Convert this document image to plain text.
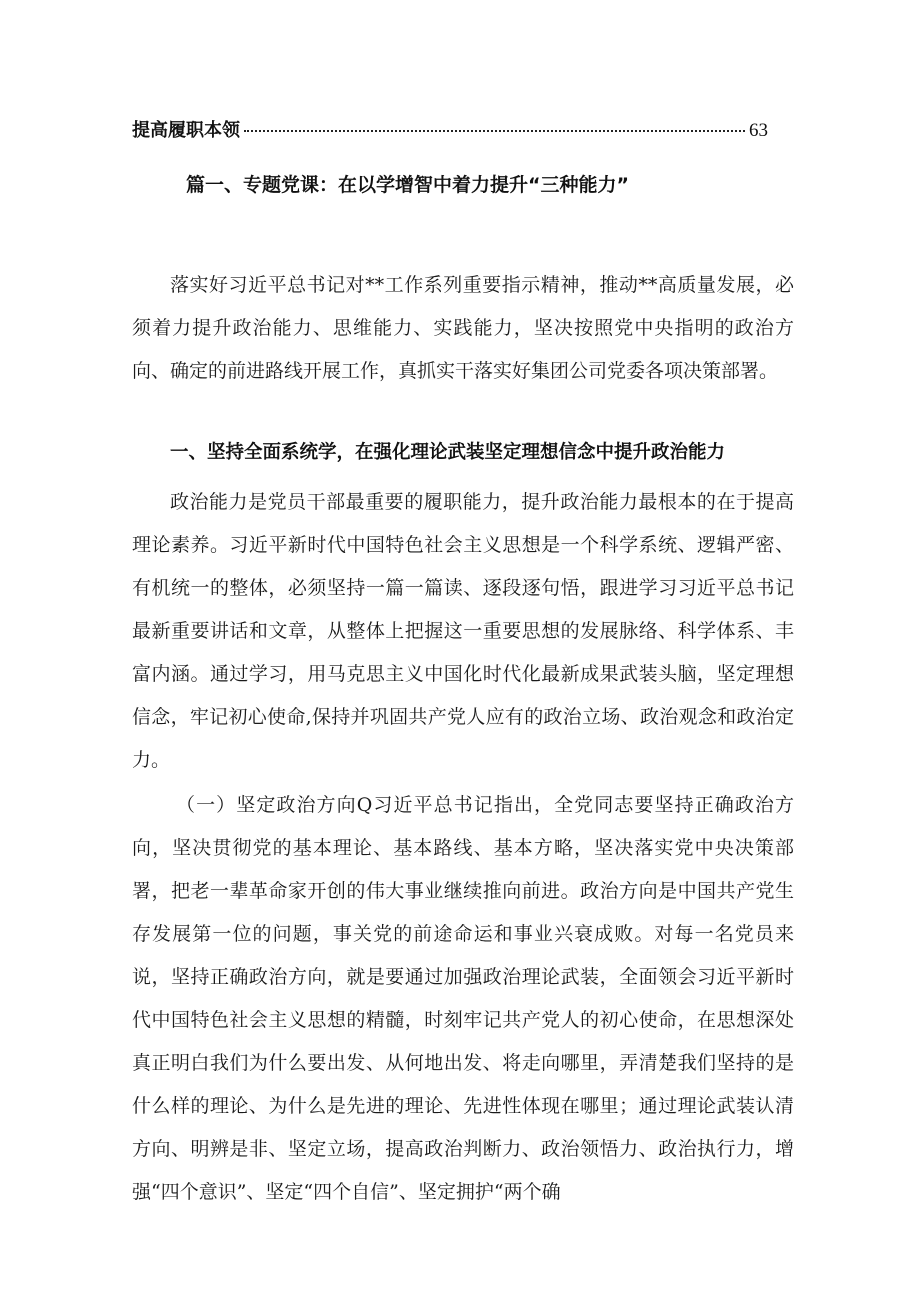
提高履职本领	63
篇一、专题党课：在以学增智中着力提升“三种能力”

落实好习近平总书记对**工作系列重要指示精神，推动**高质量发展，必须着力提升政治能力、思维能力、实践能力，坚决按照党中央指明的政治方向、确定的前进路线开展工作，真抓实干落实好集团公司党委各项决策部署。

一、坚持全面系统学，在强化理论武装坚定理想信念中提升政治能力

政治能力是党员干部最重要的履职能力，提升政治能力最根本的在于提高理论素养。习近平新时代中国特色社会主义思想是一个科学系统、逻辑严密、有机统一的整体，必须坚持一篇一篇读、逐段逐句悟，跟进学习习近平总书记最新重要讲话和文章，从整体上把握这一重要思想的发展脉络、科学体系、丰富内涵。通过学习，用马克思主义中国化时代化最新成果武装头脑，坚定理想信念，牢记初心使命,保持并巩固共产党人应有的政治立场、政治观念和政治定力。

（一）坚定政治方向Q习近平总书记指出，全党同志要坚持正确政治方向，坚决贯彻党的基本理论、基本路线、基本方略，坚决落实党中央决策部署，把老一辈革命家开创的伟大事业继续推向前进。政治方向是中国共产党生存发展第一位的问题，事关党的前途命运和事业兴衰成败。对每一名党员来说，坚持正确政治方向，就是要通过加强政治理论武装，全面领会习近平新时代中国特色社会主义思想的精髓，时刻牢记共产党人的初心使命，在思想深处真正明白我们为什么要出发、从何地出发、将走向哪里，弄清楚我们坚持的是什么样的理论、为什么是先进的理论、先进性体现在哪里；通过理论武装认清方向、明辨是非、坚定立场，提高政治判断力、政治领悟力、政治执行力，增强“四个意识”、坚定“四个自信”、坚定拥护“两个确
